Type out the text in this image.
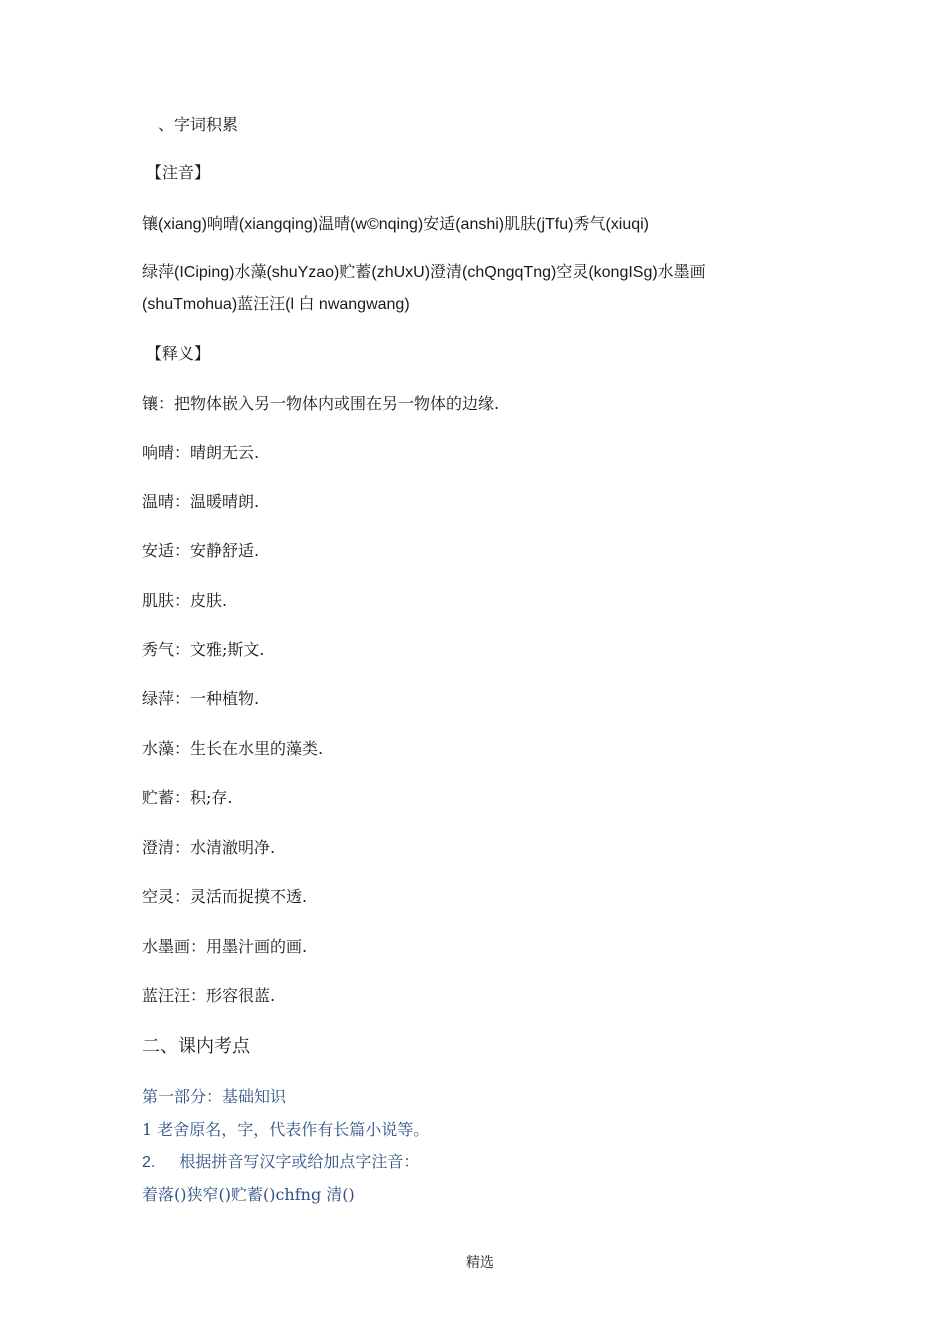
、字词积累
【注音】
镶(xiang)响晴(xiangqing)温晴(w©nqing)安适(anshi)肌肤(jTfu)秀气(xiuqi)
绿萍(ICiping)水藻(shuYzao)贮蓄(zhUxU)澄清(chQngqTng)空灵(kongISg)水墨画
(shuTmohua)蓝汪汪(l 白 nwangwang)
【释义】
镶：把物体嵌入另一物体内或围在另一物体的边缘.
响晴：晴朗无云.
温晴：温暖晴朗.
安适：安静舒适.
肌肤：皮肤.
秀气：文雅;斯文.
绿萍：一种植物.
水藻：生长在水里的藻类.
贮蓄：积;存.
澄清：水清澈明净.
空灵：灵活而捉摸不透.
水墨画：用墨汁画的画.
蓝汪汪：形容很蓝.
二、课内考点
第一部分：基础知识
1 老舍原名，字，代表作有长篇小说等。
2. 根据拼音写汉字或给加点字注音：
着落()狭窄()贮蓄()chfng 清()
精选
